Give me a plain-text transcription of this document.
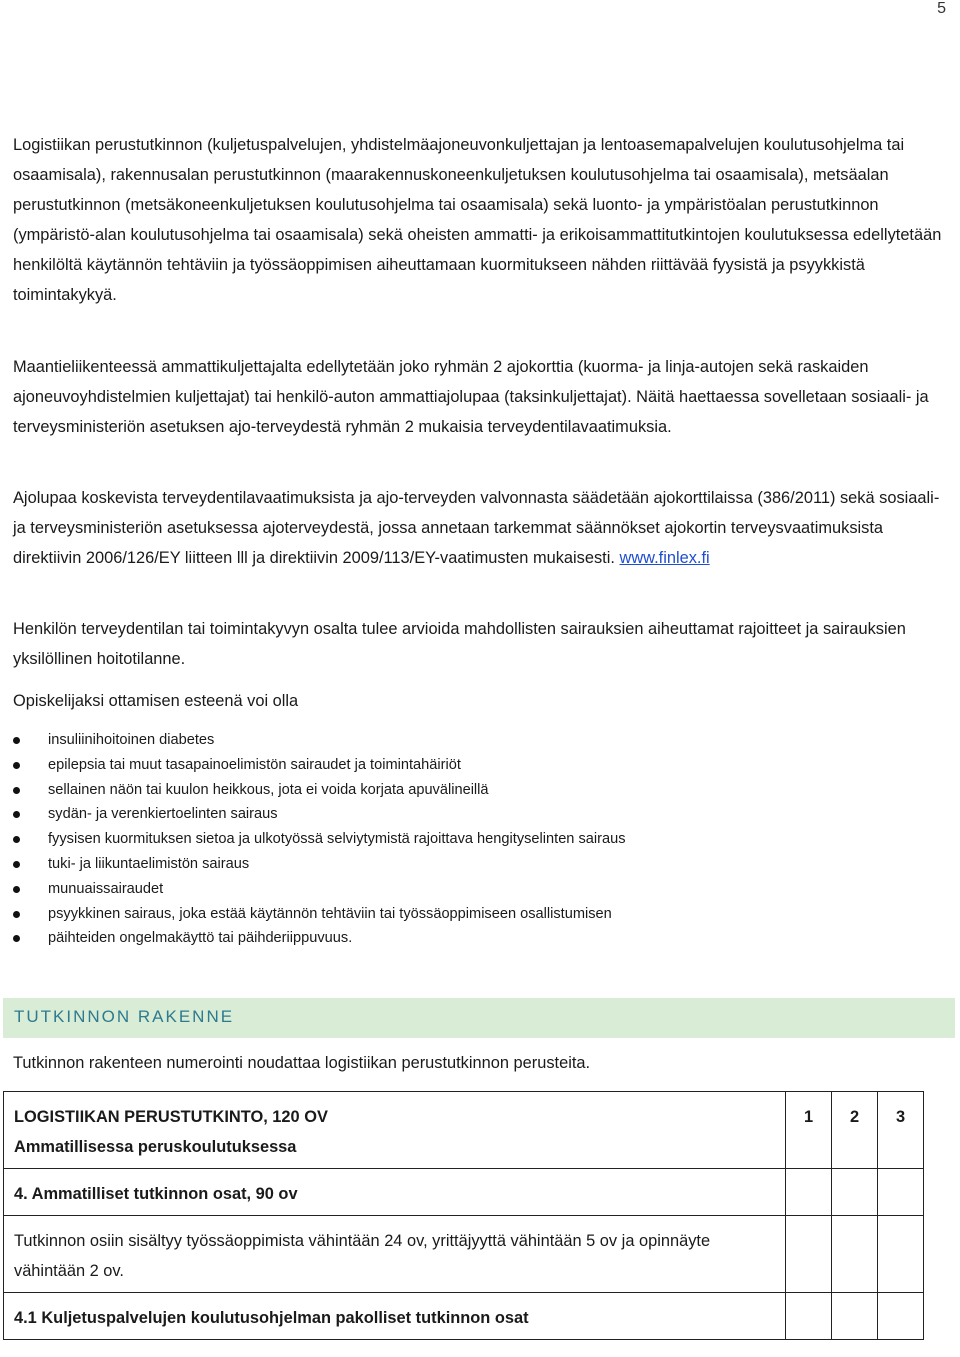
5

Logistiikan perustutkinnon (kuljetuspalvelujen, yhdistelmäajoneuvonkuljettajan ja lentoasemapalvelujen koulutusohjelma tai osaamisala), rakennusalan perustutkinnon (maarakennuskoneenkuljetuksen koulutusohjelma tai osaamisala), metsäalan perustutkinnon (metsäkoneenkuljetuksen koulutusohjelma tai osaamisala) sekä luonto- ja ympäristöalan perustutkinnon (ympäristö-alan koulutusohjelma tai osaamisala) sekä oheisten ammatti- ja erikoisammattitutkintojen koulutuksessa edellytetään henkilöltä käytännön tehtäviin ja työssäoppimisen aiheuttamaan kuormitukseen nähden riittävää fyysistä ja psyykkistä toimintakykyä.

Maantieliikenteessä ammattikuljettajalta edellytetään joko ryhmän 2 ajokorttia (kuorma- ja linja-autojen sekä raskaiden ajoneuvoyhdistelmien kuljettajat) tai henkilö-auton ammattiajolupaa (taksinkuljettajat). Näitä haettaessa sovelletaan sosiaali- ja terveysministeriön asetuksen ajo-terveydestä ryhmän 2 mukaisia terveydentilavaatimuksia.

Ajolupaa koskevista terveydentilavaatimuksista ja ajo-terveyden valvonnasta säädetään ajokorttilaissa (386/2011) sekä sosiaali- ja terveysministeriön asetuksessa ajoterveydestä, jossa annetaan tarkemmat säännökset ajokortin terveysvaatimuksista direktiivin 2006/126/EY liitteen lll ja direktiivin 2009/113/EY-vaatimusten mukaisesti. www.finlex.fi

Henkilön terveydentilan tai toimintakyvyn osalta tulee arvioida mahdollisten sairauksien aiheuttamat rajoitteet ja sairauksien yksilöllinen hoitotilanne.

Opiskelijaksi ottamisen esteenä voi olla

insuliinihoitoinen diabetes
epilepsia tai muut tasapainoelimistön sairaudet ja toimintahäiriöt
sellainen näön tai kuulon heikkous, jota ei voida korjata apuvälineillä
sydän- ja verenkiertoelinten sairaus
fyysisen kuormituksen sietoa ja ulkotyössä selviytymistä rajoittava hengityselinten sairaus
tuki- ja liikuntaelimistön sairaus
munuaissairaudet
psyykkinen sairaus, joka estää käytännön tehtäviin tai työssäoppimiseen osallistumisen
päihteiden ongelmakäyttö tai päihderiippuvuus.
TUTKINNON RAKENNE

Tutkinnon rakenteen numerointi noudattaa logistiikan perustutkinnon perusteita.

LOGISTIIKAN PERUSTUTKINTO, 120 OV
Ammatillisessa peruskoulutuksessa	1	2	3
4. Ammatilliset tutkinnon osat, 90 ov			
Tutkinnon osiin sisältyy työssäoppimista vähintään 24 ov, yrittäjyyttä vähintään 5 ov ja opinnäyte vähintään 2 ov.			
4.1 Kuljetuspalvelujen koulutusohjelman pakolliset tutkinnon osat			
